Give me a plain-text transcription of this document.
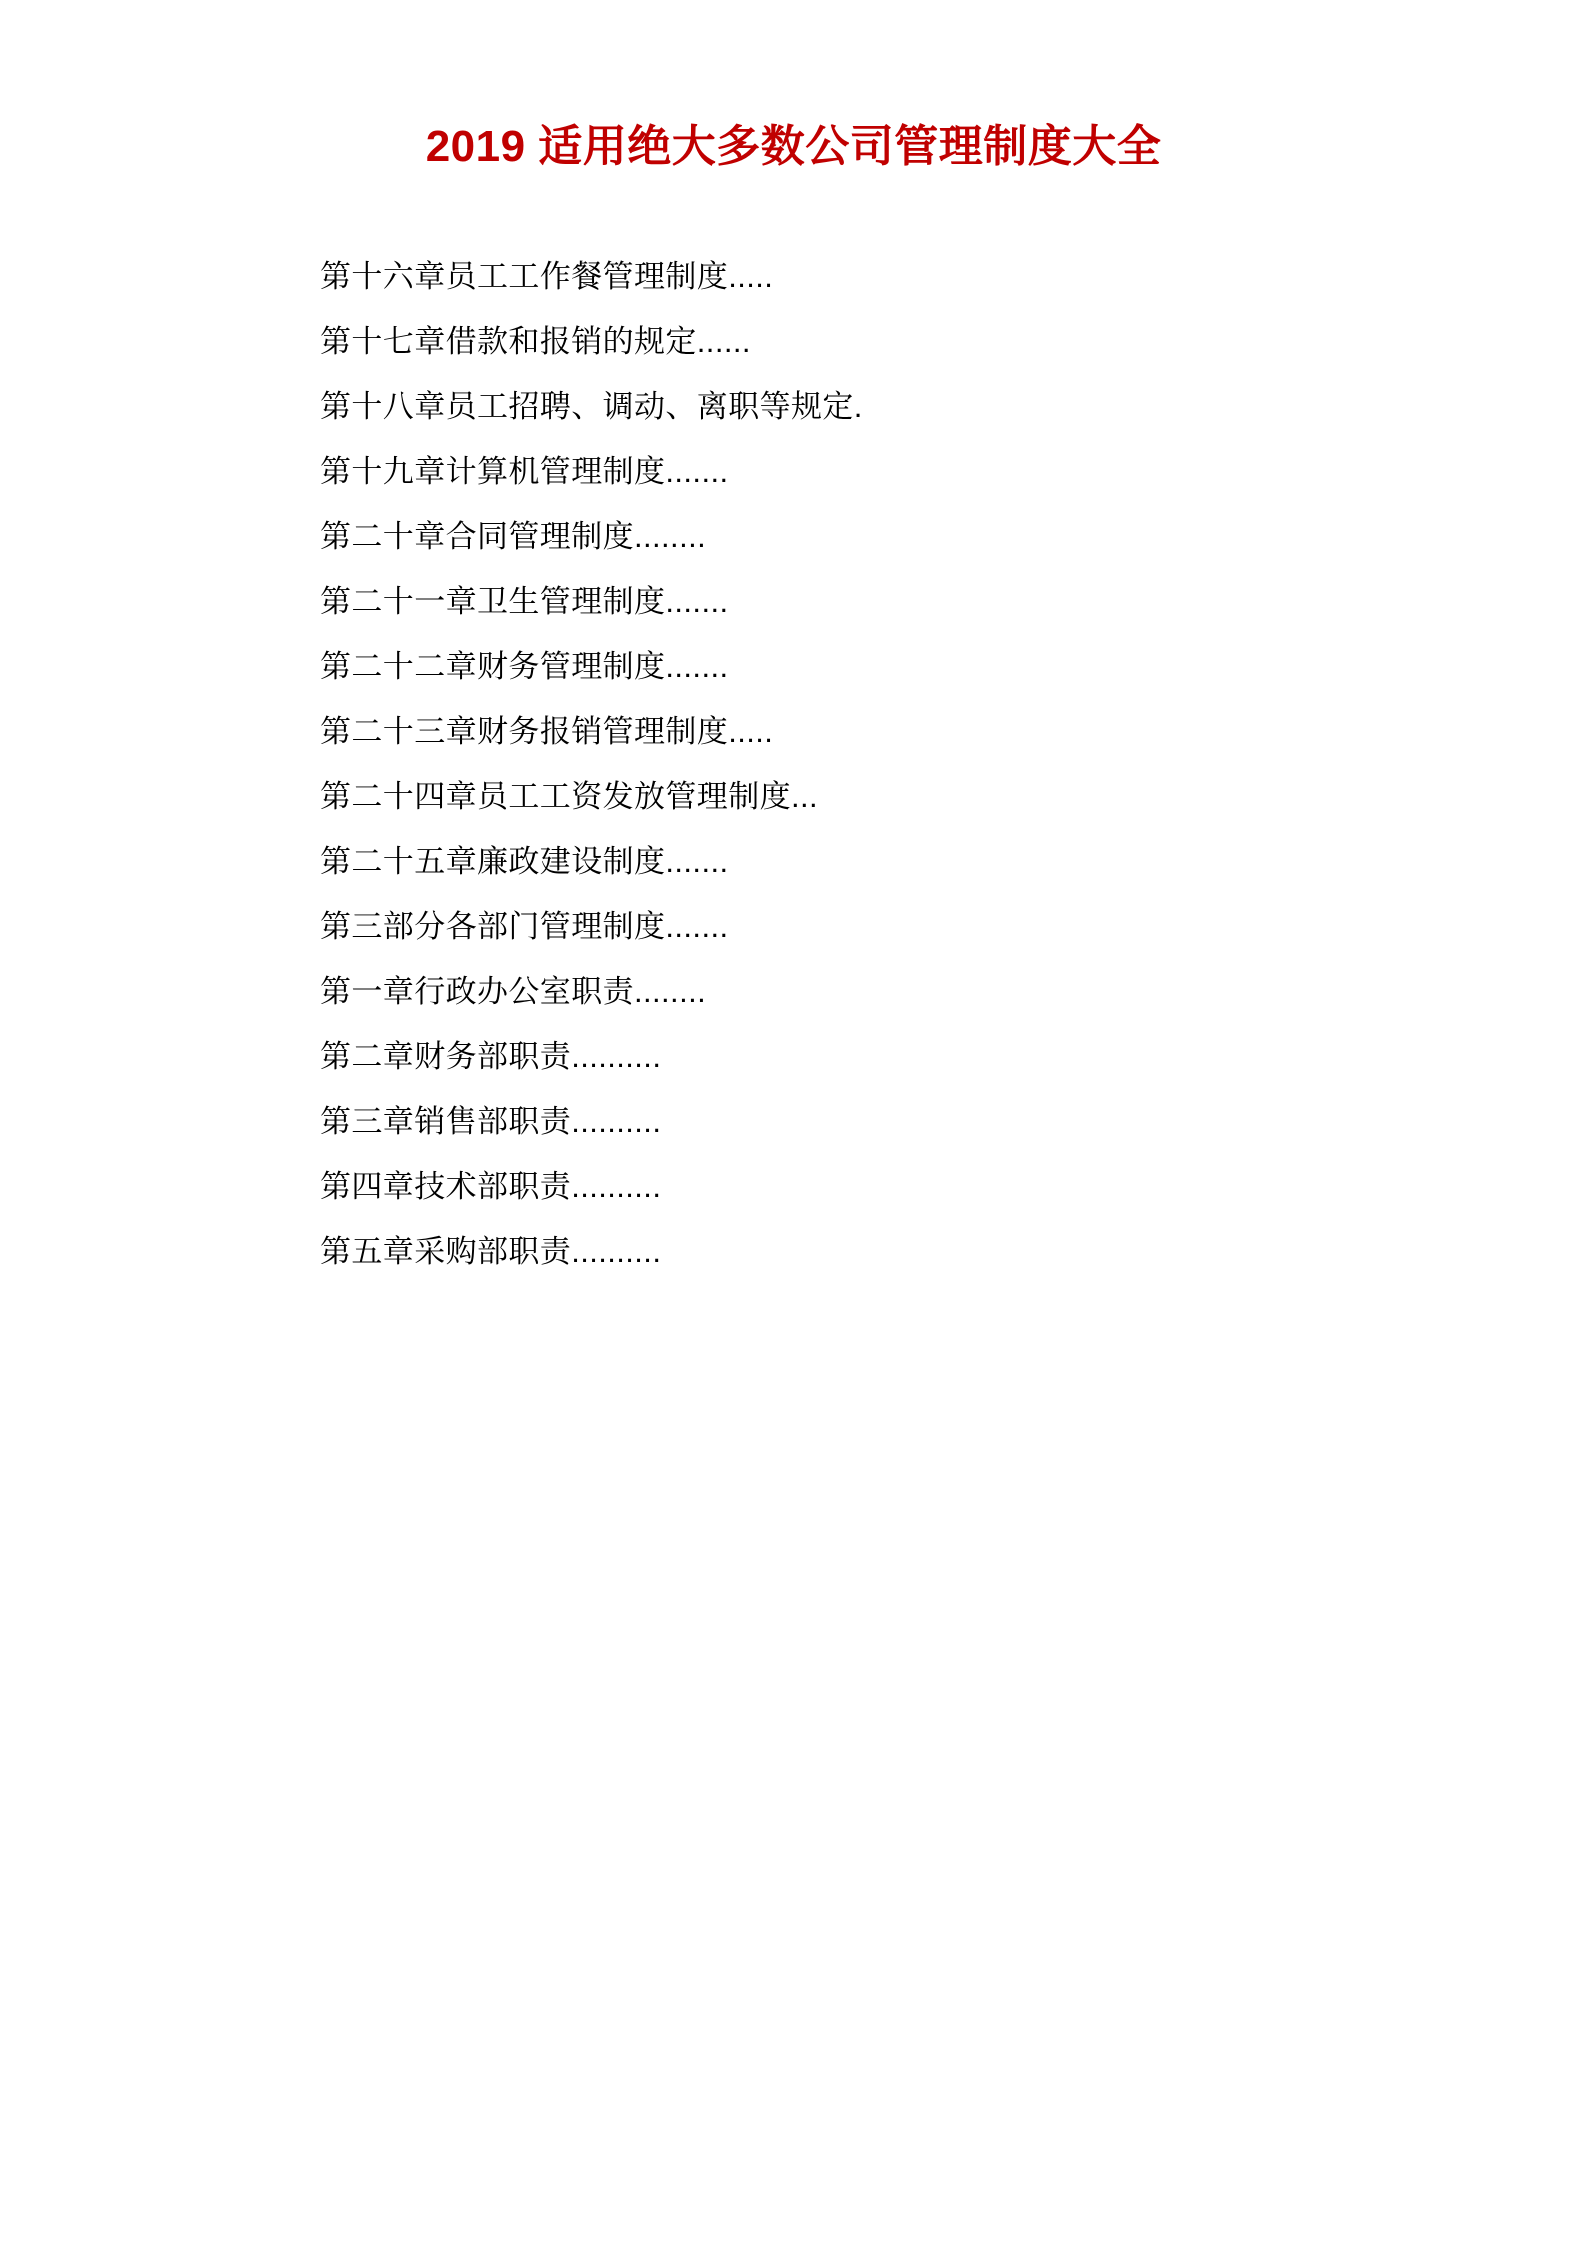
2019 适用绝大多数公司管理制度大全
第十六章员工工作餐管理制度.....
第十七章借款和报销的规定......
第十八章员工招聘、调动、离职等规定.
第十九章计算机管理制度.......
第二十章合同管理制度........
第二十一章卫生管理制度.......
第二十二章财务管理制度.......
第二十三章财务报销管理制度.....
第二十四章员工工资发放管理制度...
第二十五章廉政建设制度.......
第三部分各部门管理制度.......
第一章行政办公室职责........
第二章财务部职责..........
第三章销售部职责..........
第四章技术部职责..........
第五章采购部职责..........
